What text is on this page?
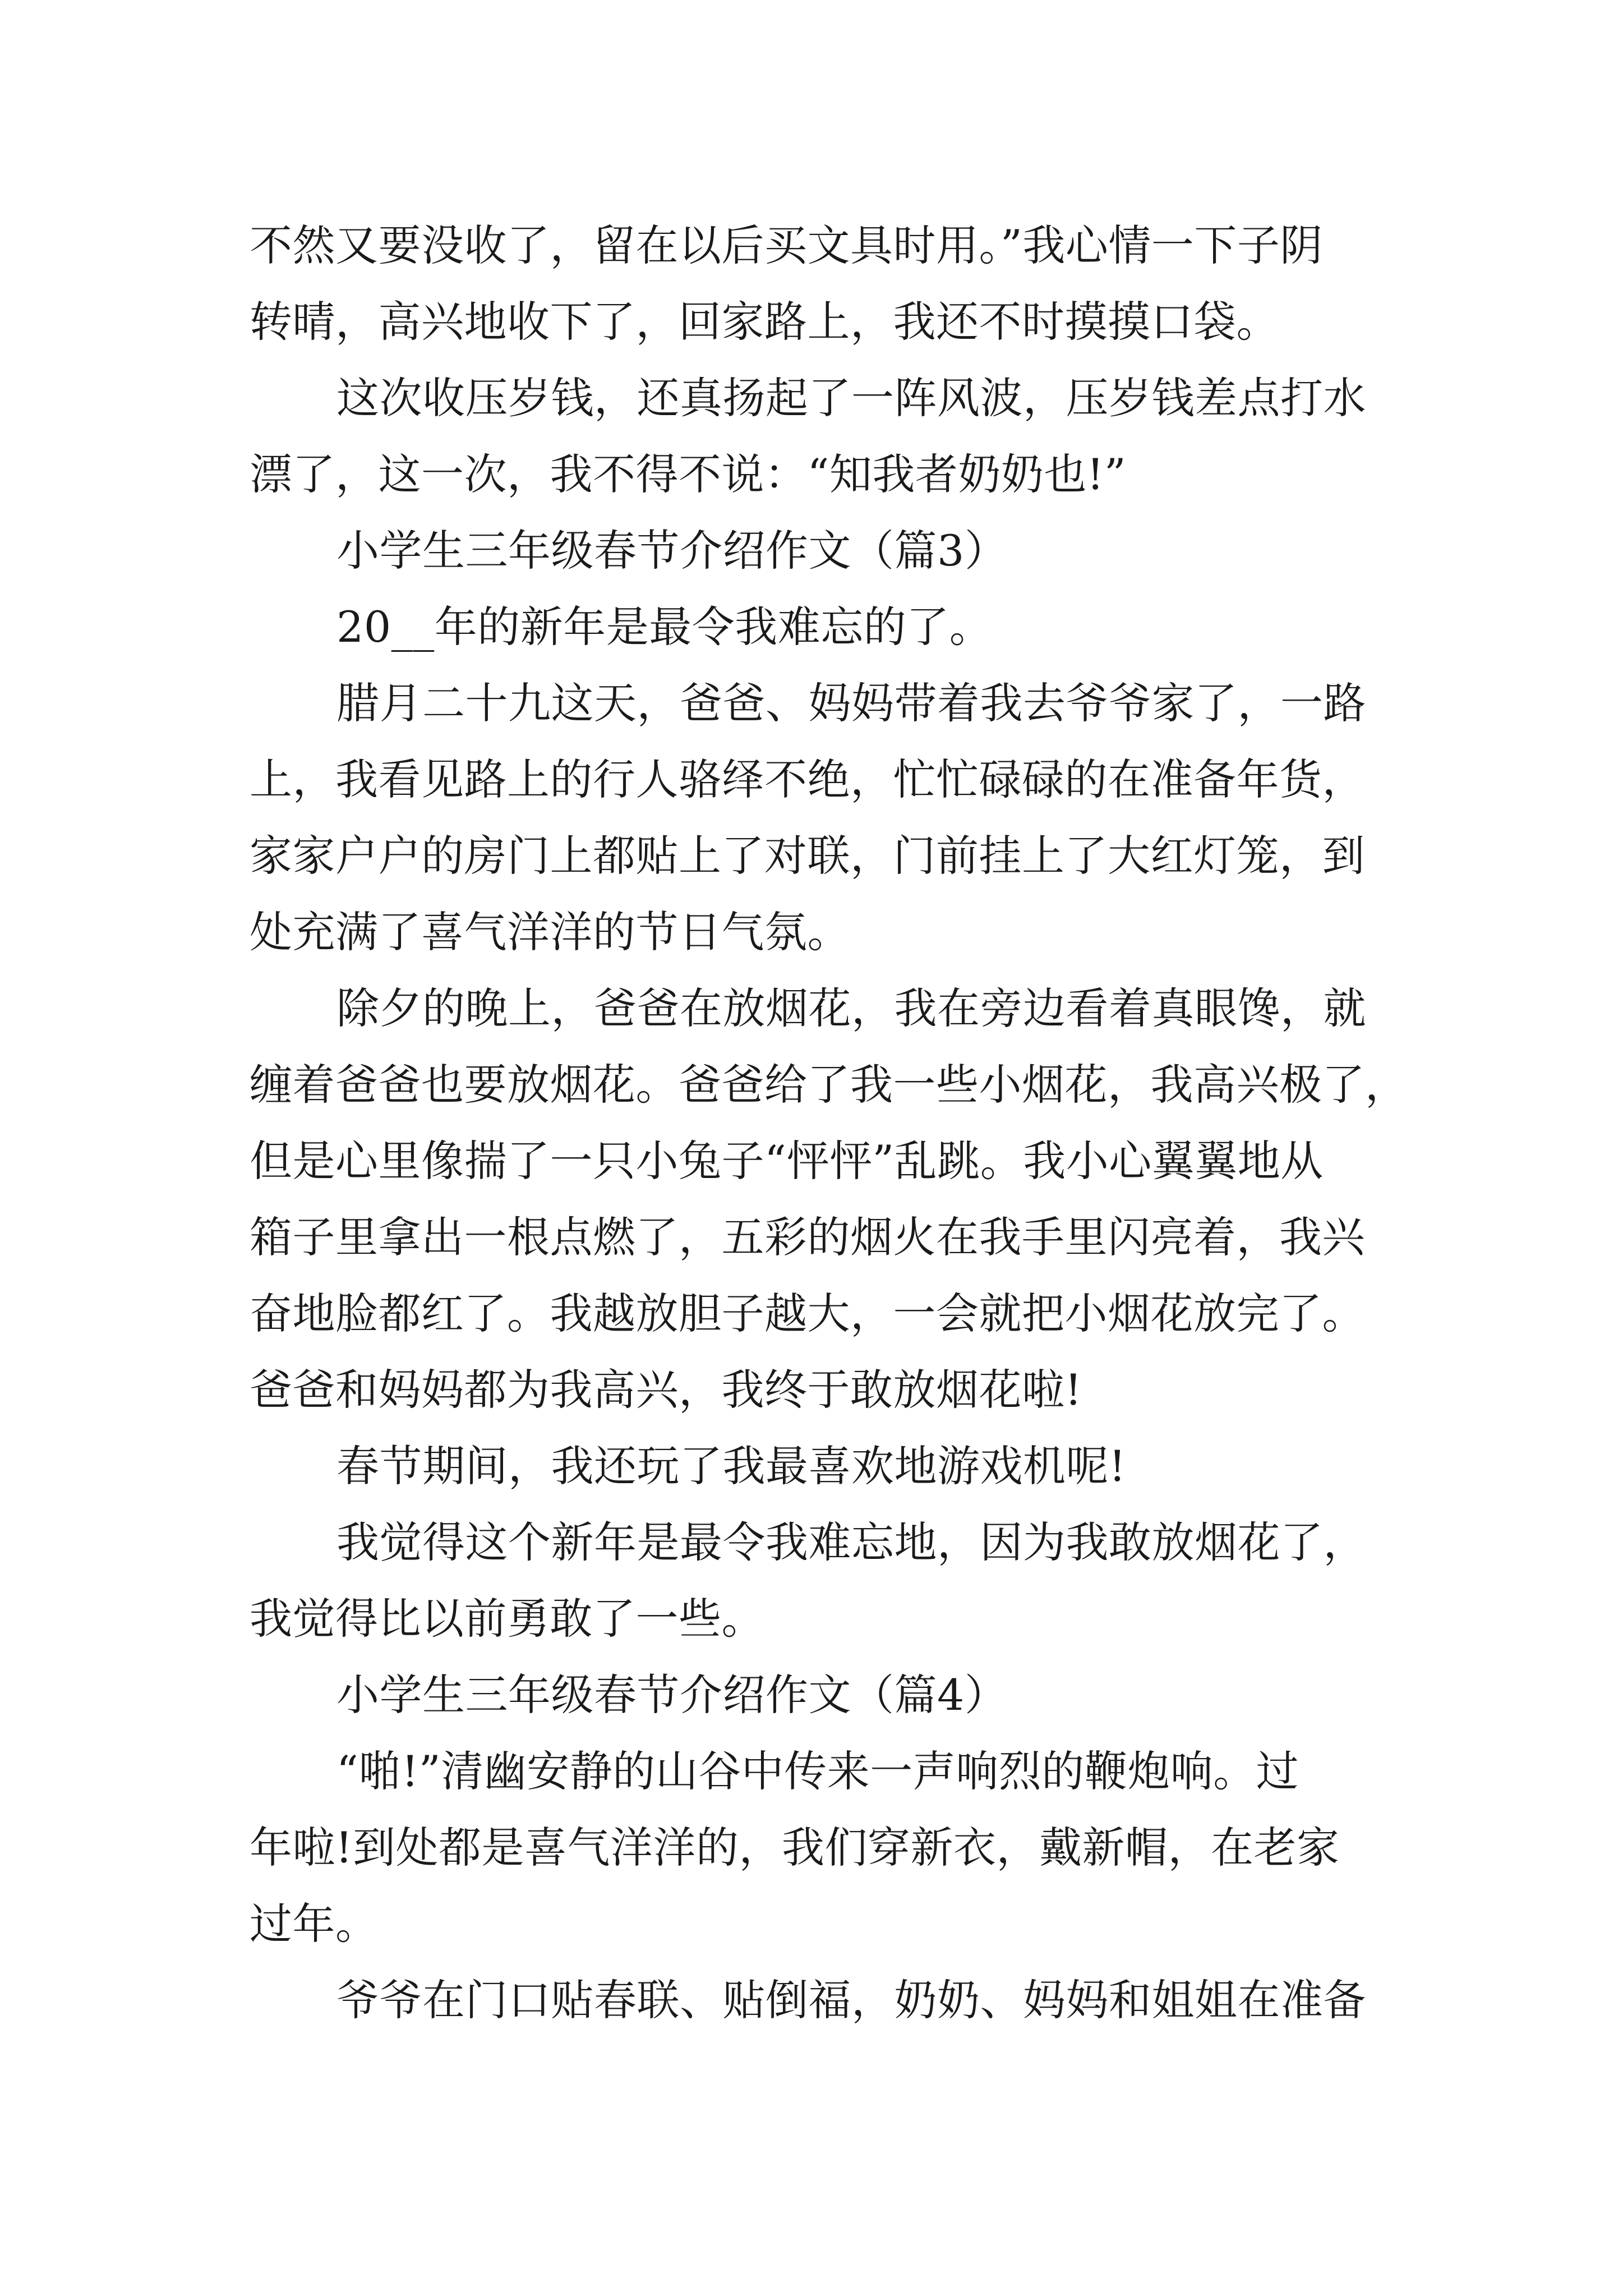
不然又要没收了，留在以后买文具时用。”我心情一下子阴
转晴，高兴地收下了，回家路上，我还不时摸摸口袋。
这次收压岁钱，还真扬起了一阵风波，压岁钱差点打水
漂了，这一次，我不得不说：“知我者奶奶也!”
小学生三年级春节介绍作文（篇3）
20__年的新年是最令我难忘的了。
腊月二十九这天，爸爸、妈妈带着我去爷爷家了，一路
上，我看见路上的行人骆绎不绝，忙忙碌碌的在准备年货，
家家户户的房门上都贴上了对联，门前挂上了大红灯笼，到
处充满了喜气洋洋的节日气氛。
除夕的晚上，爸爸在放烟花，我在旁边看着真眼馋，就
缠着爸爸也要放烟花。爸爸给了我一些小烟花，我高兴极了，
但是心里像揣了一只小兔子“怦怦”乱跳。我小心翼翼地从
箱子里拿出一根点燃了，五彩的烟火在我手里闪亮着，我兴
奋地脸都红了。我越放胆子越大，一会就把小烟花放完了。
爸爸和妈妈都为我高兴，我终于敢放烟花啦!
春节期间，我还玩了我最喜欢地游戏机呢!
我觉得这个新年是最令我难忘地，因为我敢放烟花了，
我觉得比以前勇敢了一些。
小学生三年级春节介绍作文（篇4）
“啪!”清幽安静的山谷中传来一声响烈的鞭炮响。过
年啦!到处都是喜气洋洋的，我们穿新衣，戴新帽，在老家
过年。
爷爷在门口贴春联、贴倒福，奶奶、妈妈和姐姐在准备
